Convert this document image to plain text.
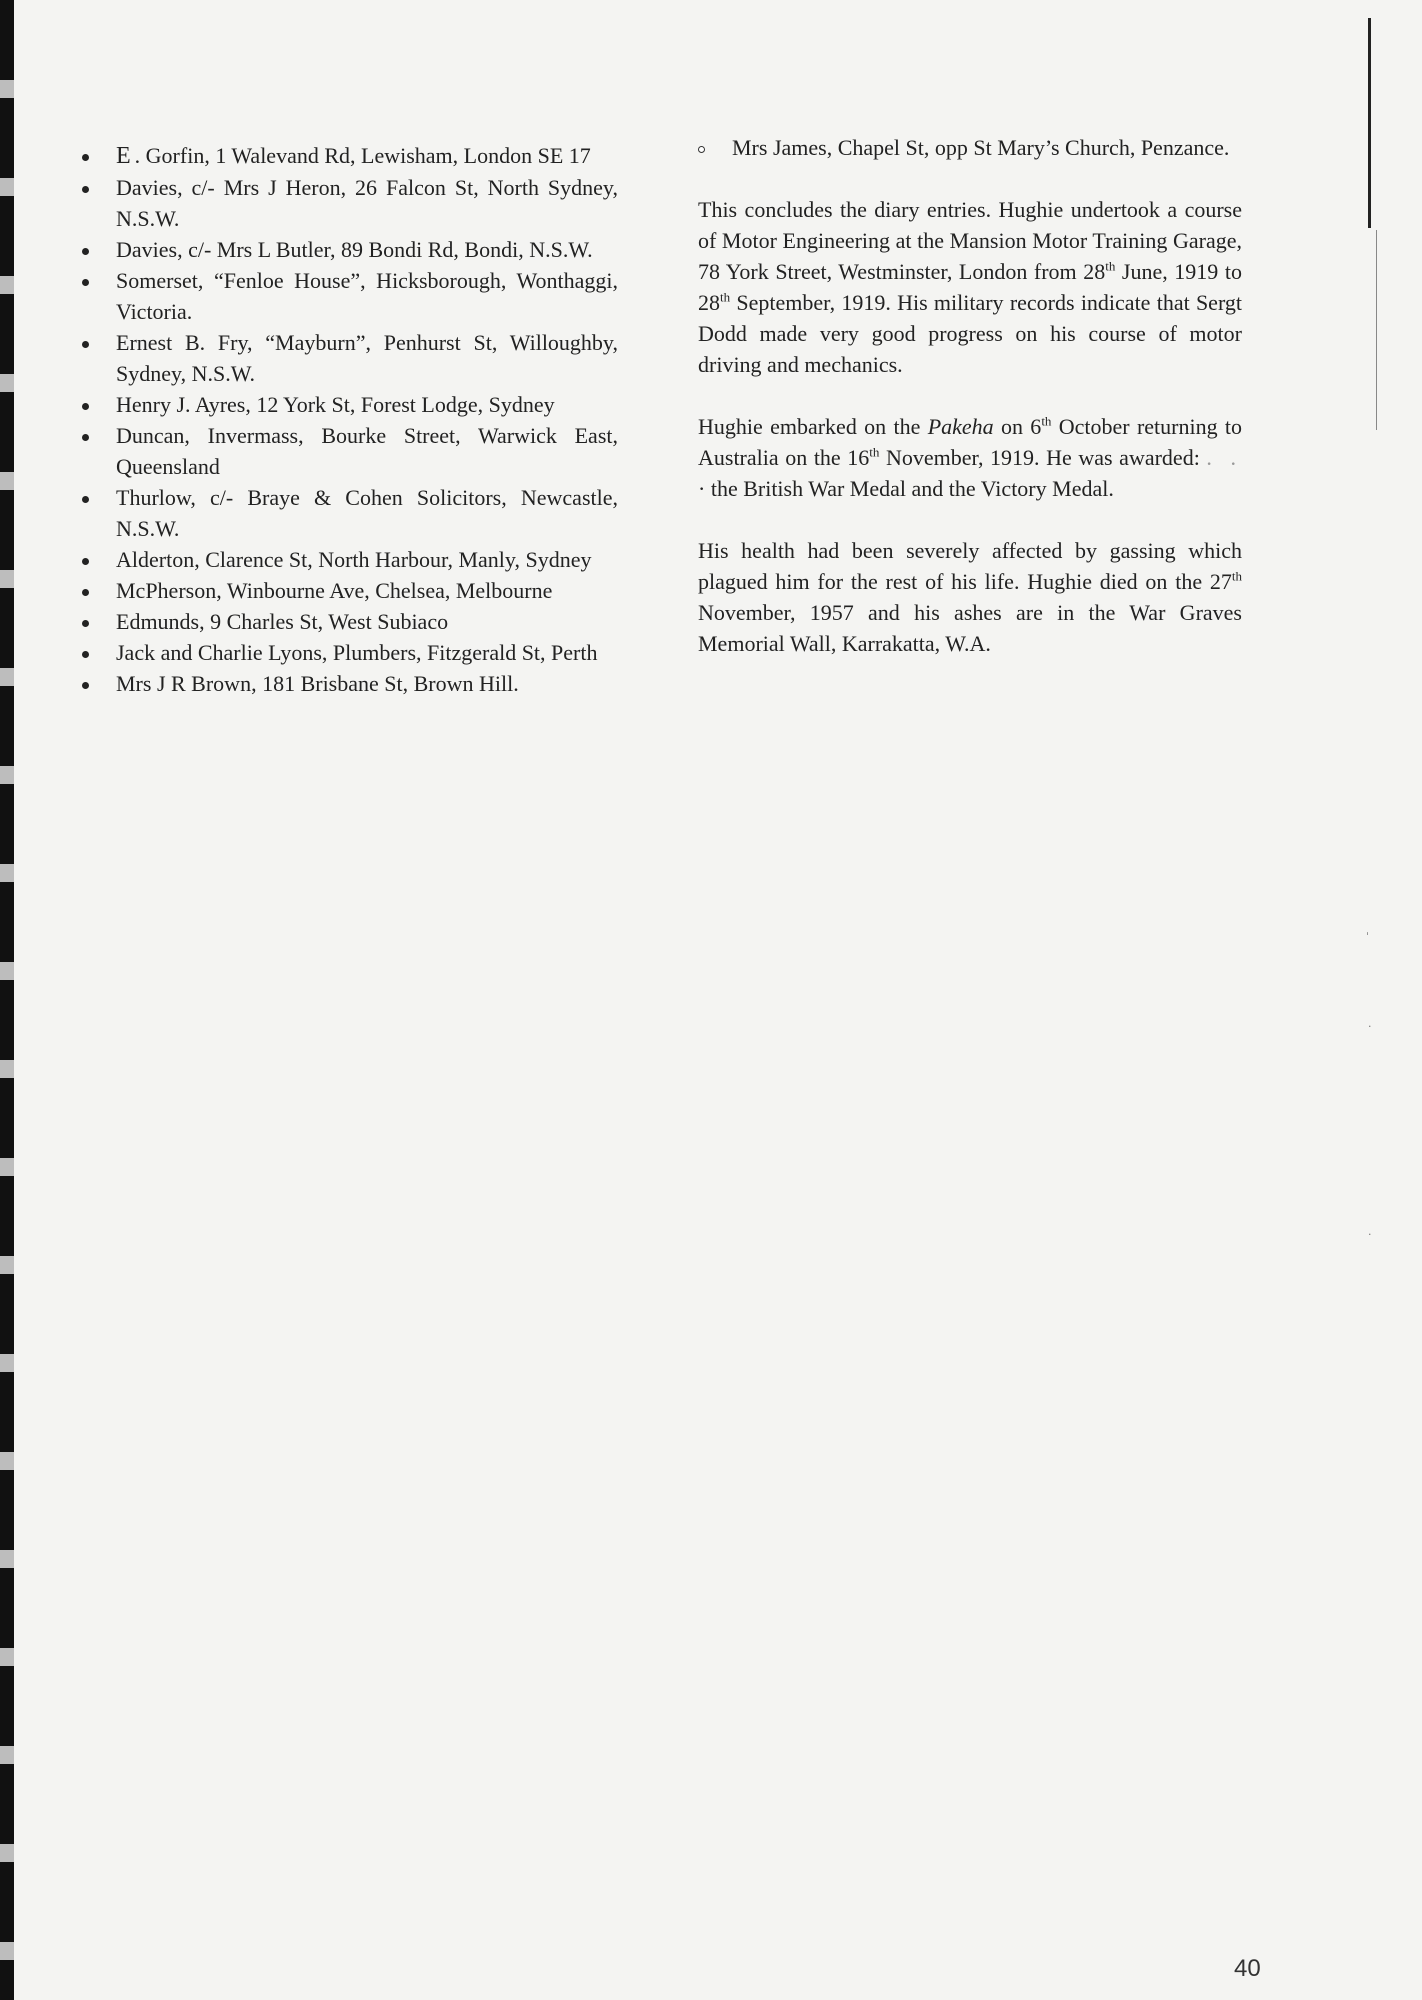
E . Gorfin, 1 Walevand Rd, Lewisham, London SE 17
Davies, c/- Mrs J Heron, 26 Falcon St, North Sydney, N.S.W.
Davies, c/- Mrs L Butler, 89 Bondi Rd, Bondi, N.S.W.
Somerset, “Fenloe House”, Hicksborough, Wonthaggi, Victoria.
Ernest B. Fry, “Mayburn”, Penhurst St, Willoughby, Sydney, N.S.W.
Henry J. Ayres, 12 York St, Forest Lodge, Sydney
Duncan, Invermass, Bourke Street, Warwick East, Queensland
Thurlow, c/- Braye & Cohen Solicitors, Newcastle, N.S.W.
Alderton, Clarence St, North Harbour, Manly, Sydney
McPherson, Winbourne Ave, Chelsea, Melbourne
Edmunds, 9 Charles St, West Subiaco
Jack and Charlie Lyons, Plumbers, Fitzgerald St, Perth
Mrs J R Brown, 181 Brisbane St, Brown Hill.
Mrs James, Chapel St, opp St Mary’s Church, Penzance.

This concludes the diary entries. Hughie undertook a course of Motor Engineering at the Mansion Motor Training Garage, 78 York Street, Westminster, London from 28th June, 1919 to 28th September, 1919. His military records indicate that Sergt Dodd made very good progress on his course of motor driving and mechanics.

Hughie embarked on the Pakeha on 6th October returning to Australia on the 16th November, 1919. He was awarded: . . · the British War Medal and the Victory Medal.

His health had been severely affected by gassing which plagued him for the rest of his life. Hughie died on the 27th November, 1957 and his ashes are in the War Graves Memorial Wall, Karrakatta, W.A.

40
ˈ
·
·
